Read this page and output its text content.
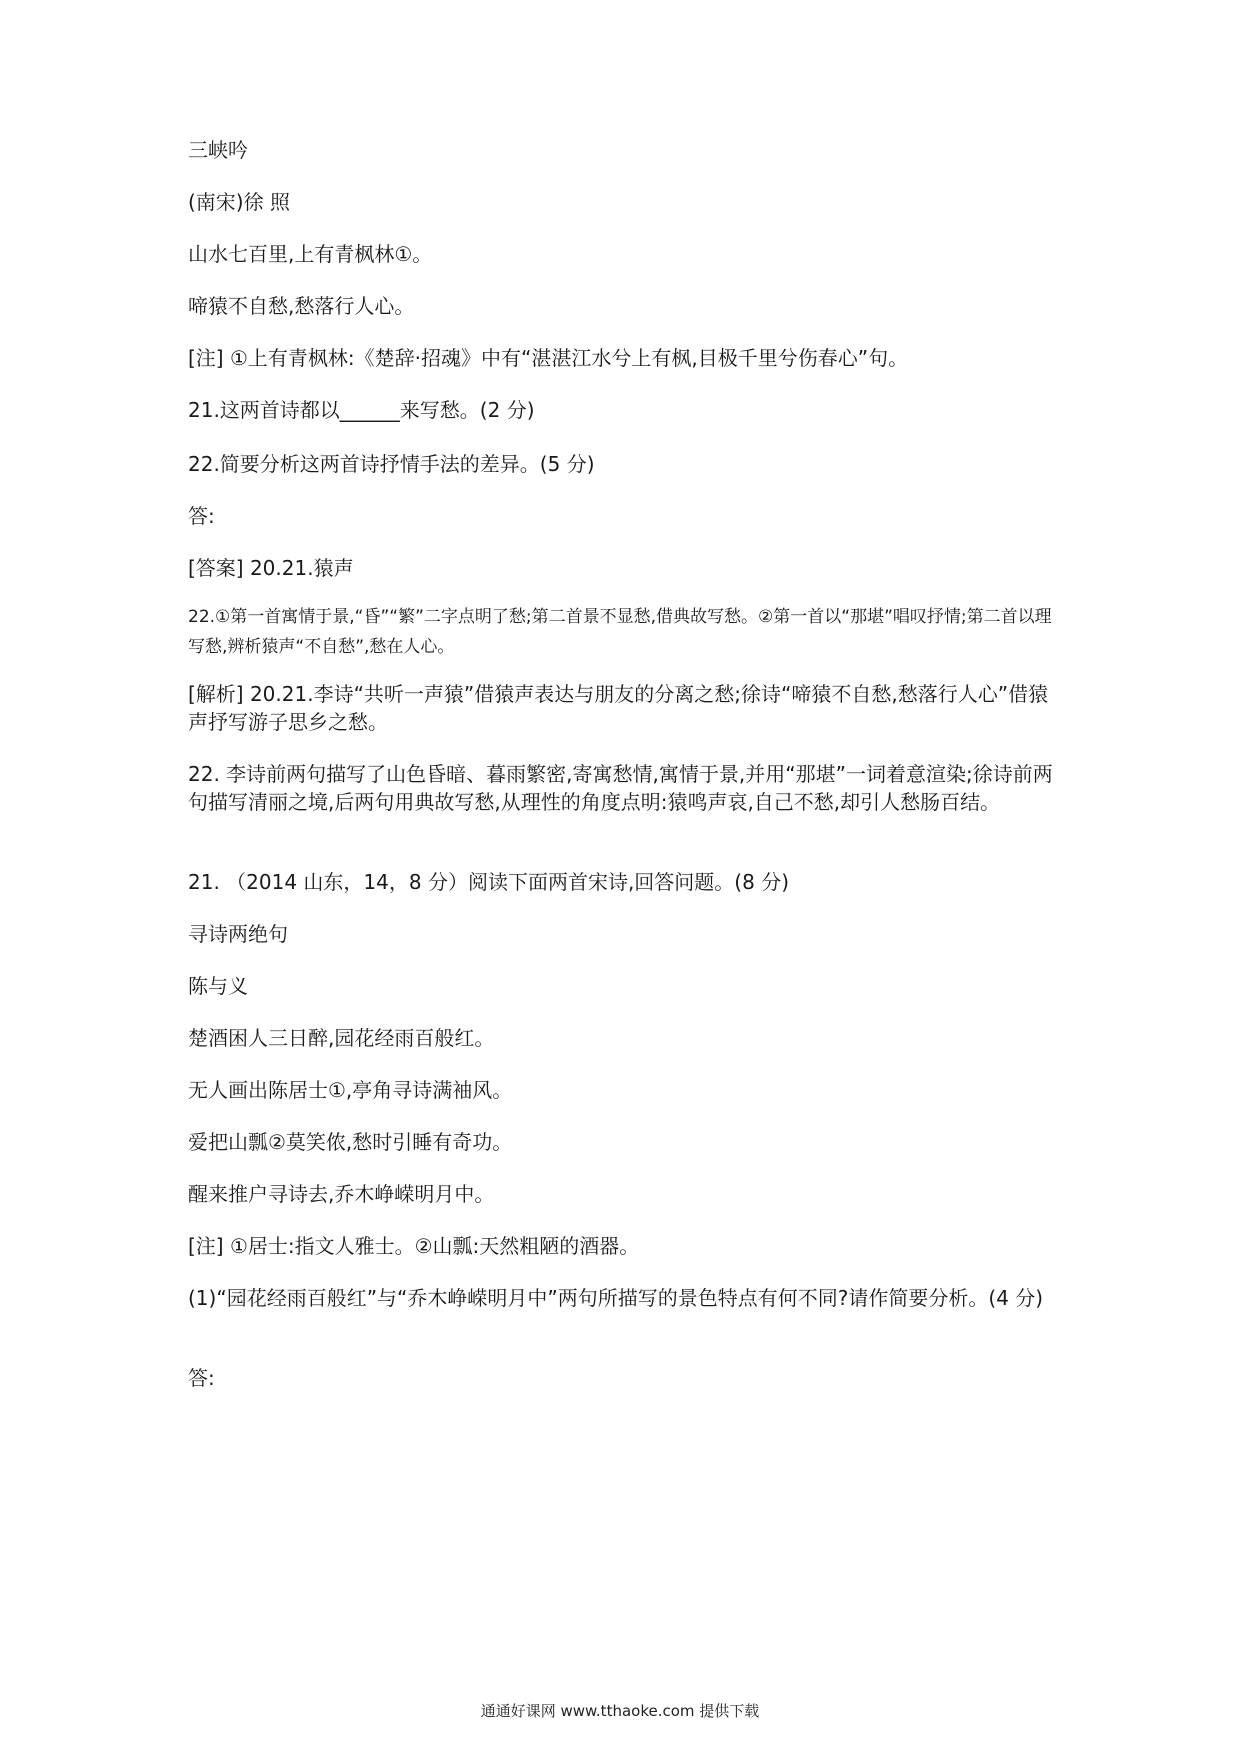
三峡吟
(南宋)徐 照
山水七百里,上有青枫林①。
啼猿不自愁,愁落行人心。
[注] ①上有青枫林:《楚辞·招魂》中有“湛湛江水兮上有枫,目极千里兮伤春心”句。
21.这两首诗都以______来写愁。(2 分)
22.简要分析这两首诗抒情手法的差异。(5 分)
答:
[答案] 20.21.猿声
22.①第一首寓情于景,“昏”“繁”二字点明了愁;第二首景不显愁,借典故写愁。②第一首以“那堪”唱叹抒情;第二首以理写愁,辨析猿声“不自愁”,愁在人心。
[解析] 20.21.李诗“共听一声猿”借猿声表达与朋友的分离之愁;徐诗“啼猿不自愁,愁落行人心”借猿声抒写游子思乡之愁。
22. 李诗前两句描写了山色昏暗、暮雨繁密,寄寓愁情,寓情于景,并用“那堪”一词着意渲染;徐诗前两句描写清丽之境,后两句用典故写愁,从理性的角度点明:猿鸣声哀,自己不愁,却引人愁肠百结。
21. （2014 山东，14，8 分）阅读下面两首宋诗,回答问题。(8 分)
寻诗两绝句
陈与义
楚酒困人三日醉,园花经雨百般红。
无人画出陈居士①,亭角寻诗满袖风。
爱把山瓢②莫笑侬,愁时引睡有奇功。
醒来推户寻诗去,乔木峥嵘明月中。
[注] ①居士:指文人雅士。②山瓢:天然粗陋的酒器。
(1)“园花经雨百般红”与“乔木峥嵘明月中”两句所描写的景色特点有何不同?请作简要分析。(4 分)
答:
通通好课网 www.tthaoke.com 提供下载
